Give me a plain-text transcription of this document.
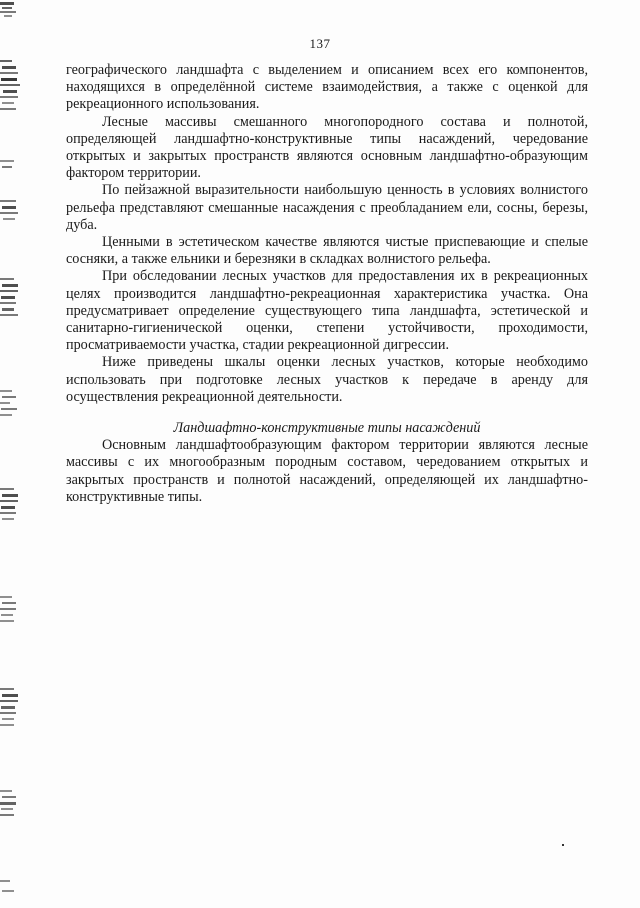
137

географического ландшафта с выделением и описанием всех его компонентов, находящихся в определённой системе взаимодействия, а также с оценкой для рекреационного использования.

Лесные массивы смешанного многопородного состава и полнотой, определяющей ландшафтно-конструктивные типы насаждений, чередование открытых и закрытых пространств являются основным ландшафтно-образующим фактором территории.

По пейзажной выразительности наибольшую ценность в условиях волнистого рельефа представляют смешанные насаждения с преобладанием ели, сосны, березы, дуба.

Ценными в эстетическом качестве являются чистые приспевающие и спелые сосняки, а также ельники и березняки в складках волнистого рельефа.

При обследовании лесных участков для предоставления их в рекреационных целях производится ландшафтно-рекреационная характеристика участка. Она предусматривает определение существующего типа ландшафта, эстетической и санитарно-гигиенической оценки, степени устойчивости, проходимости, просматриваемости участка, стадии рекреационной дигрессии.

Ниже приведены шкалы оценки лесных участков, которые необходимо использовать при подготовке лесных участков к передаче в аренду для осуществления рекреационной деятельности.

Ландшафтно-конструктивные типы насаждений

Основным ландшафтообразующим фактором территории являются лесные массивы с их многообразным породным составом, чередованием открытых и закрытых пространств и полнотой насаждений, определяющей их ландшафтно-конструктивные типы.
